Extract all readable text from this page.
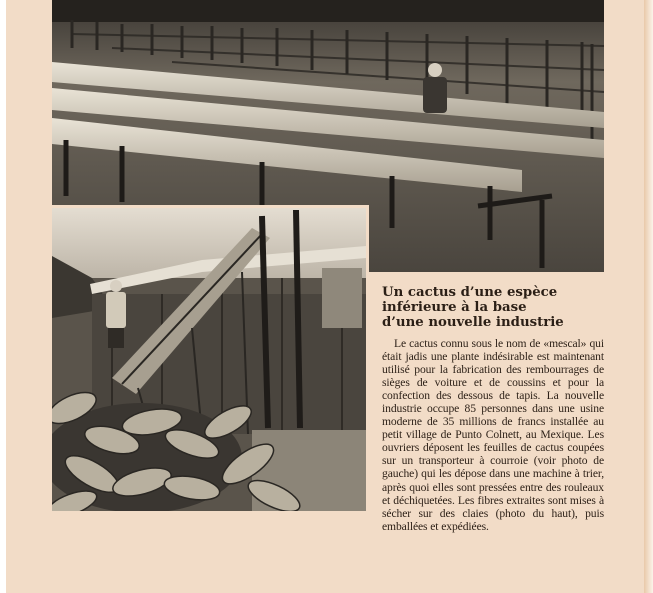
Un cactus d’une espèce
inférieure à la base
d’une nouvelle industrie
Le cactus connu sous le nom de «mescal» qui était jadis une plante indésirable est maintenant utilisé pour la fabrication des rembourrages de sièges de voiture et de coussins et pour la confection des dessous de tapis. La nouvelle industrie occupe 85 personnes dans une usine moderne de 35 millions de francs installée au petit village de Punto Colnett, au Mexique. Les ouvriers déposent les feuilles de cactus coupées sur un transporteur à courroie (voir photo de gauche) qui les dépose dans une machine à trier, après quoi elles sont pressées entre des rouleaux et déchiquetées. Les fibres extraites sont mises à sécher sur des claies (photo du haut), puis emballées et expédiées.
